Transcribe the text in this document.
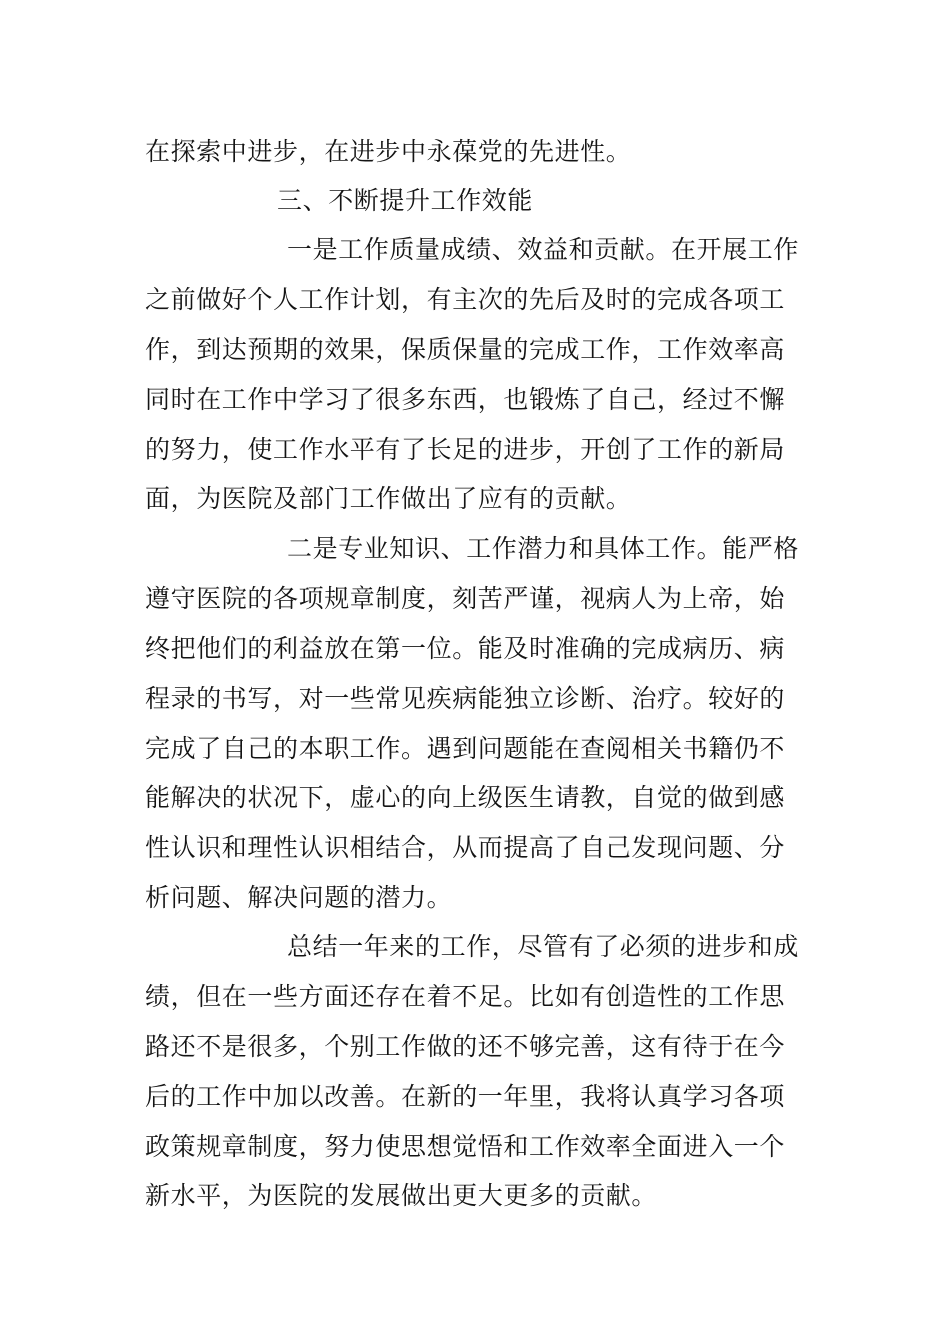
在探索中进步，在进步中永葆党的先进性。
三、不断提升工作效能
一是工作质量成绩、效益和贡献。在开展工作
之前做好个人工作计划，有主次的先后及时的完成各项工
作，到达预期的效果，保质保量的完成工作，工作效率高
同时在工作中学习了很多东西，也锻炼了自己，经过不懈
的努力，使工作水平有了长足的进步，开创了工作的新局
面，为医院及部门工作做出了应有的贡献。
二是专业知识、工作潜力和具体工作。能严格
遵守医院的各项规章制度，刻苦严谨，视病人为上帝，始
终把他们的利益放在第一位。能及时准确的完成病历、病
程录的书写，对一些常见疾病能独立诊断、治疗。较好的
完成了自己的本职工作。遇到问题能在查阅相关书籍仍不
能解决的状况下，虚心的向上级医生请教，自觉的做到感
性认识和理性认识相结合，从而提高了自己发现问题、分
析问题、解决问题的潜力。
总结一年来的工作，尽管有了必须的进步和成
绩，但在一些方面还存在着不足。比如有创造性的工作思
路还不是很多，个别工作做的还不够完善，这有待于在今
后的工作中加以改善。在新的一年里，我将认真学习各项
政策规章制度，努力使思想觉悟和工作效率全面进入一个
新水平，为医院的发展做出更大更多的贡献。
